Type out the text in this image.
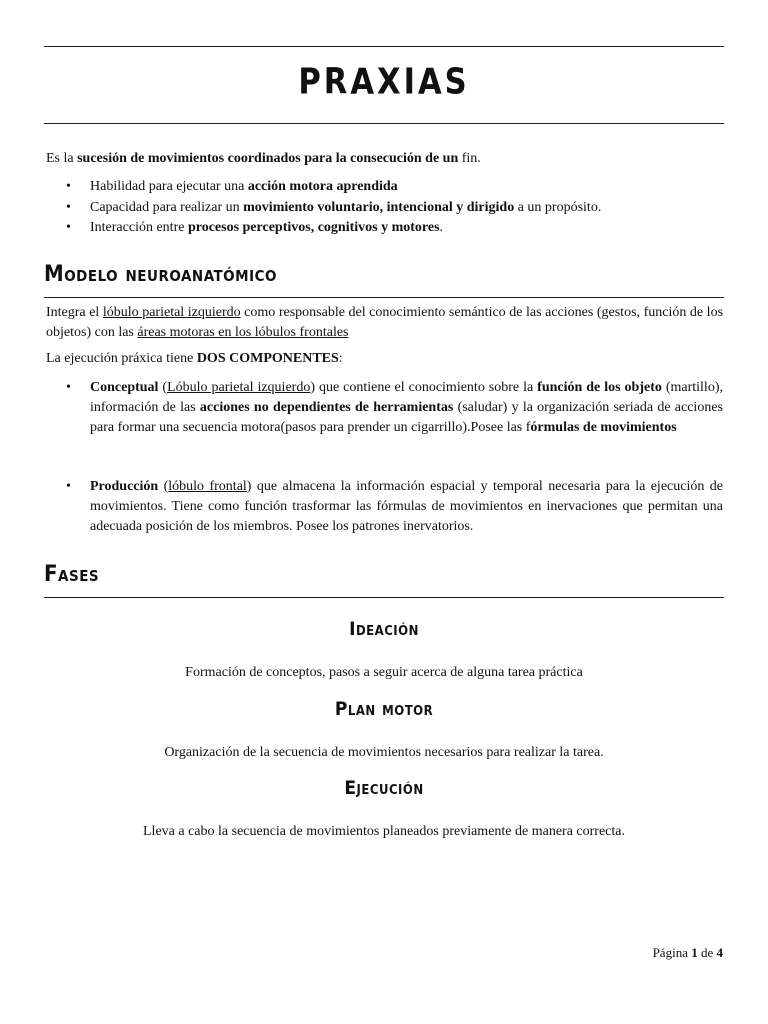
PRAXIAS
Es la sucesión de movimientos coordinados para la consecución de un fin.
• Habilidad para ejecutar una acción motora aprendida
• Capacidad para realizar un movimiento voluntario, intencional y dirigido a un propósito.
• Interacción entre procesos perceptivos, cognitivos y motores.
Modelo neuroanatómico
Integra el lóbulo parietal izquierdo como responsable del conocimiento semántico de las acciones (gestos, función de los objetos) con las áreas motoras en los lóbulos frontales
La ejecución práxica tiene DOS COMPONENTES:
• Conceptual (Lóbulo parietal izquierdo) que contiene el conocimiento sobre la función de los objeto (martillo), información de las acciones no dependientes de herramientas (saludar) y la organización seriada de acciones para formar una secuencia motora(pasos para prender un cigarrillo).Posee las fórmulas de movimientos
• Producción (lóbulo frontal) que almacena la información espacial y temporal necesaria para la ejecución de movimientos. Tiene como función trasformar las fórmulas de movimientos en inervaciones que permitan una adecuada posición de los miembros. Posee los patrones inervatorios.
Fases
Ideación
Formación de conceptos, pasos a seguir acerca de alguna tarea práctica
Plan motor
Organización de la secuencia de movimientos necesarios para realizar la tarea.
Ejecución
Lleva a cabo la secuencia de movimientos planeados previamente de manera correcta.
Página 1 de 4
